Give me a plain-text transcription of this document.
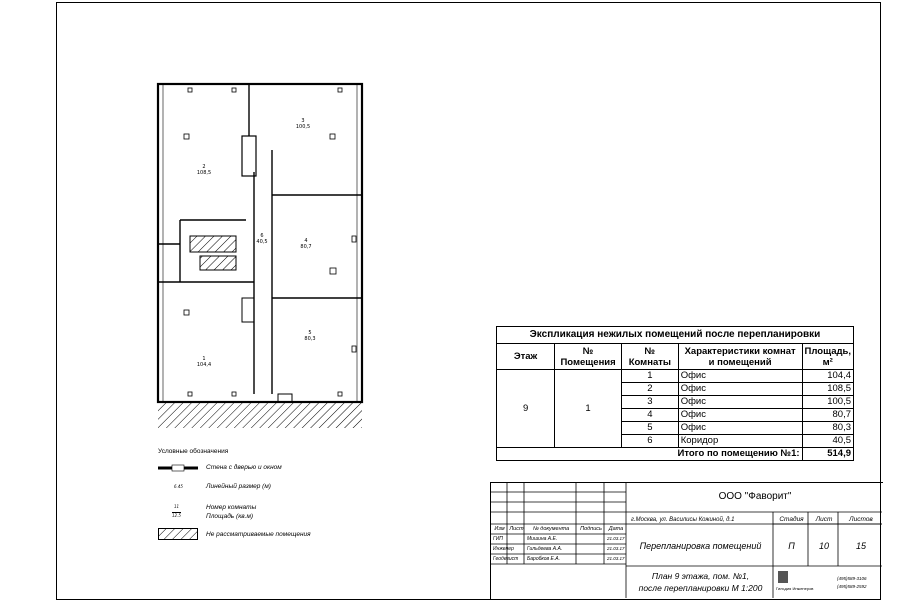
1
104,4
2
108,5
3
100,5
4
80,7
5
80,3
6
40,5
Условные обозначения
Стена с дверью и окном
6.45	Линейный размер (м)
11
12.5
Номер комнаты
Площадь (кв.м)
Не рассматриваемые помещения
Экспликация нежилых помещений после перепланировки				
Этаж	№ Помещения	№ Комнаты	Характеристики комнат и помещений	Площадь, м²
9	1	1	Офис	104,4
		2	Офис	108,5
		3	Офис	100,5
		4	Офис	80,7
		5	Офис	80,3
		6	Коридор	40,5
Итого по помещению №1:				514,9
ООО "Фаворит"
г.Москва, ул. Василисы Кожиной, д.1
Изм Лист	№ документа	Подпись	Дата
ГИП	Мишина А.Е.	21.03.17
Инженер	Гильдеева А.А.	21.03.17
Геодезист Баробков Е.А.	21.03.17
Перепланировка помещений
Стадия	Лист	Листов
П	10	15
План 9 этажа, пом. №1,
после перепланировки М 1:200	Гильдия Инженеров
(495)589-3106
(495)589-2592
